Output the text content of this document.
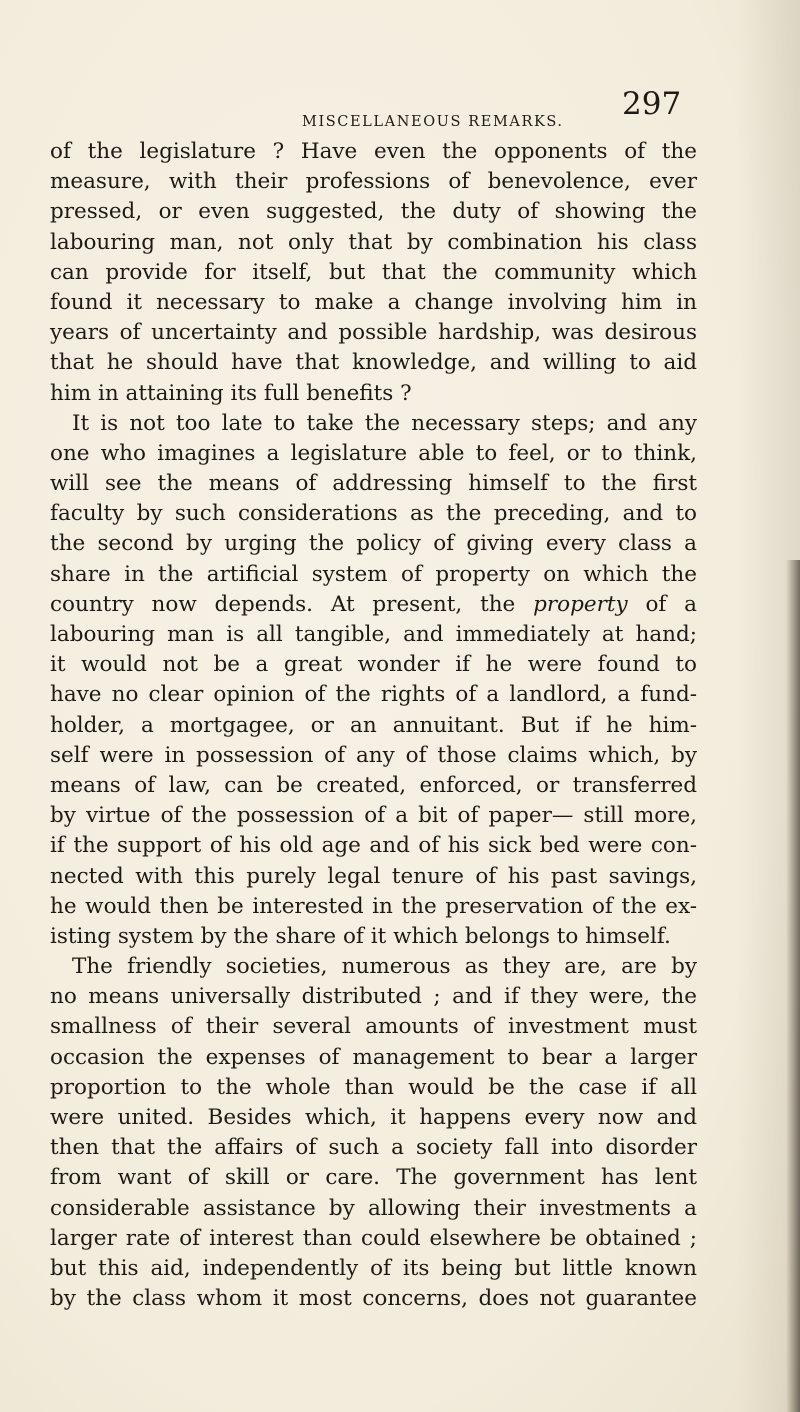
MISCELLANEOUS REMARKS. 297
of the legislature ? Have even the opponents of the
measure, with their professions of benevolence, ever
pressed, or even suggested, the duty of showing the
labouring man, not only that by combination his class
can provide for itself, but that the community which
found it necessary to make a change involving him in
years of uncertainty and possible hardship, was desirous
that he should have that knowledge, and willing to aid
him in attaining its full benefits ?
It is not too late to take the necessary steps; and any
one who imagines a legislature able to feel, or to think,
will see the means of addressing himself to the first
faculty by such considerations as the preceding, and to
the second by urging the policy of giving every class a
share in the artificial system of property on which the
country now depends. At present, the property of a
labouring man is all tangible, and immediately at hand;
it would not be a great wonder if he were found to
have no clear opinion of the rights of a landlord, a fund-
holder, a mortgagee, or an annuitant. But if he him-
self were in possession of any of those claims which, by
means of law, can be created, enforced, or transferred
by virtue of the possession of a bit of paper— still more,
if the support of his old age and of his sick bed were con-
nected with this purely legal tenure of his past savings,
he would then be interested in the preservation of the ex-
isting system by the share of it which belongs to himself.
The friendly societies, numerous as they are, are by
no means universally distributed ; and if they were, the
smallness of their several amounts of investment must
occasion the expenses of management to bear a larger
proportion to the whole than would be the case if all
were united. Besides which, it happens every now and
then that the affairs of such a society fall into disorder
from want of skill or care. The government has lent
considerable assistance by allowing their investments a
larger rate of interest than could elsewhere be obtained ;
but this aid, independently of its being but little known
by the class whom it most concerns, does not guarantee
